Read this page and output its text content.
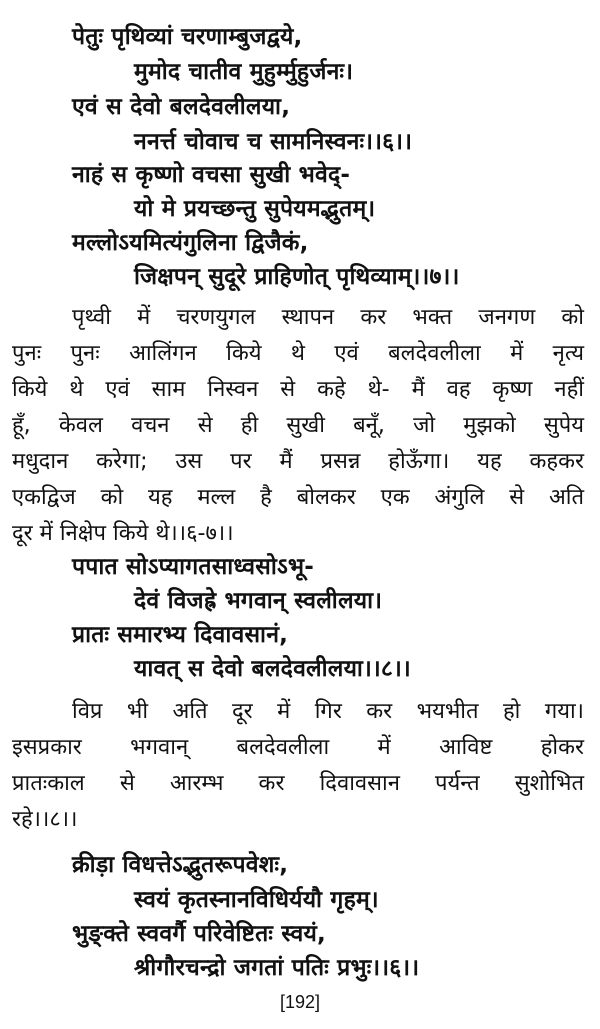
पेतुः पृथिव्यां चरणाम्बुजद्वये,
मुमोद चातीव मुहुर्म्मुहुर्जनः।
एवं स देवो बलदेवलीलया,
ननर्त्त चोवाच च सामनिस्वनः।।६।।
नाहं स कृष्णो वचसा सुखी भवेद्-
यो मे प्रयच्छन्तु सुपेयमद्भुतम्।
मल्लोऽयमित्यंगुलिना द्विजैकं,
जिक्षपन् सुदूरे प्राहिणोत् पृथिव्याम्।।७।।
पृथ्वी में चरणयुगल स्थापन कर भक्त जनगण को
पुनः पुनः आलिंगन किये थे एवं बलदेवलीला में नृत्य
किये थे एवं साम निस्वन से कहे थे- मैं वह कृष्ण नहीं
हूँ, केवल वचन से ही सुखी बनूँ, जो मुझको सुपेय
मधुदान करेगा; उस पर मैं प्रसन्न होऊँगा। यह कहकर
एकद्विज को यह मल्ल है बोलकर एक अंगुलि से अति
दूर में निक्षेप किये थे।।६-७।।
पपात सोऽप्यागतसाध्वसोऽभू-
देवं विजह्रे भगवान् स्वलीलया।
प्रातः समारभ्य दिवावसानं,
यावत् स देवो बलदेवलीलया।।८।।
विप्र भी अति दूर में गिर कर भयभीत हो गया।
इसप्रकार भगवान् बलदेवलीला में आविष्ट होकर
प्रातःकाल से आरम्भ कर दिवावसान पर्यन्त सुशोभित
रहे।।८।।
क्रीड़ा विधत्तेऽद्भुतरूपवेशः,
स्वयं कृतस्नानविधिर्ययौ गृहम्।
भुङ्क्ते स्ववर्गै परिवेष्टितः स्वयं,
श्रीगौरचन्द्रो जगतां पतिः प्रभुः।।६।।
[192]
